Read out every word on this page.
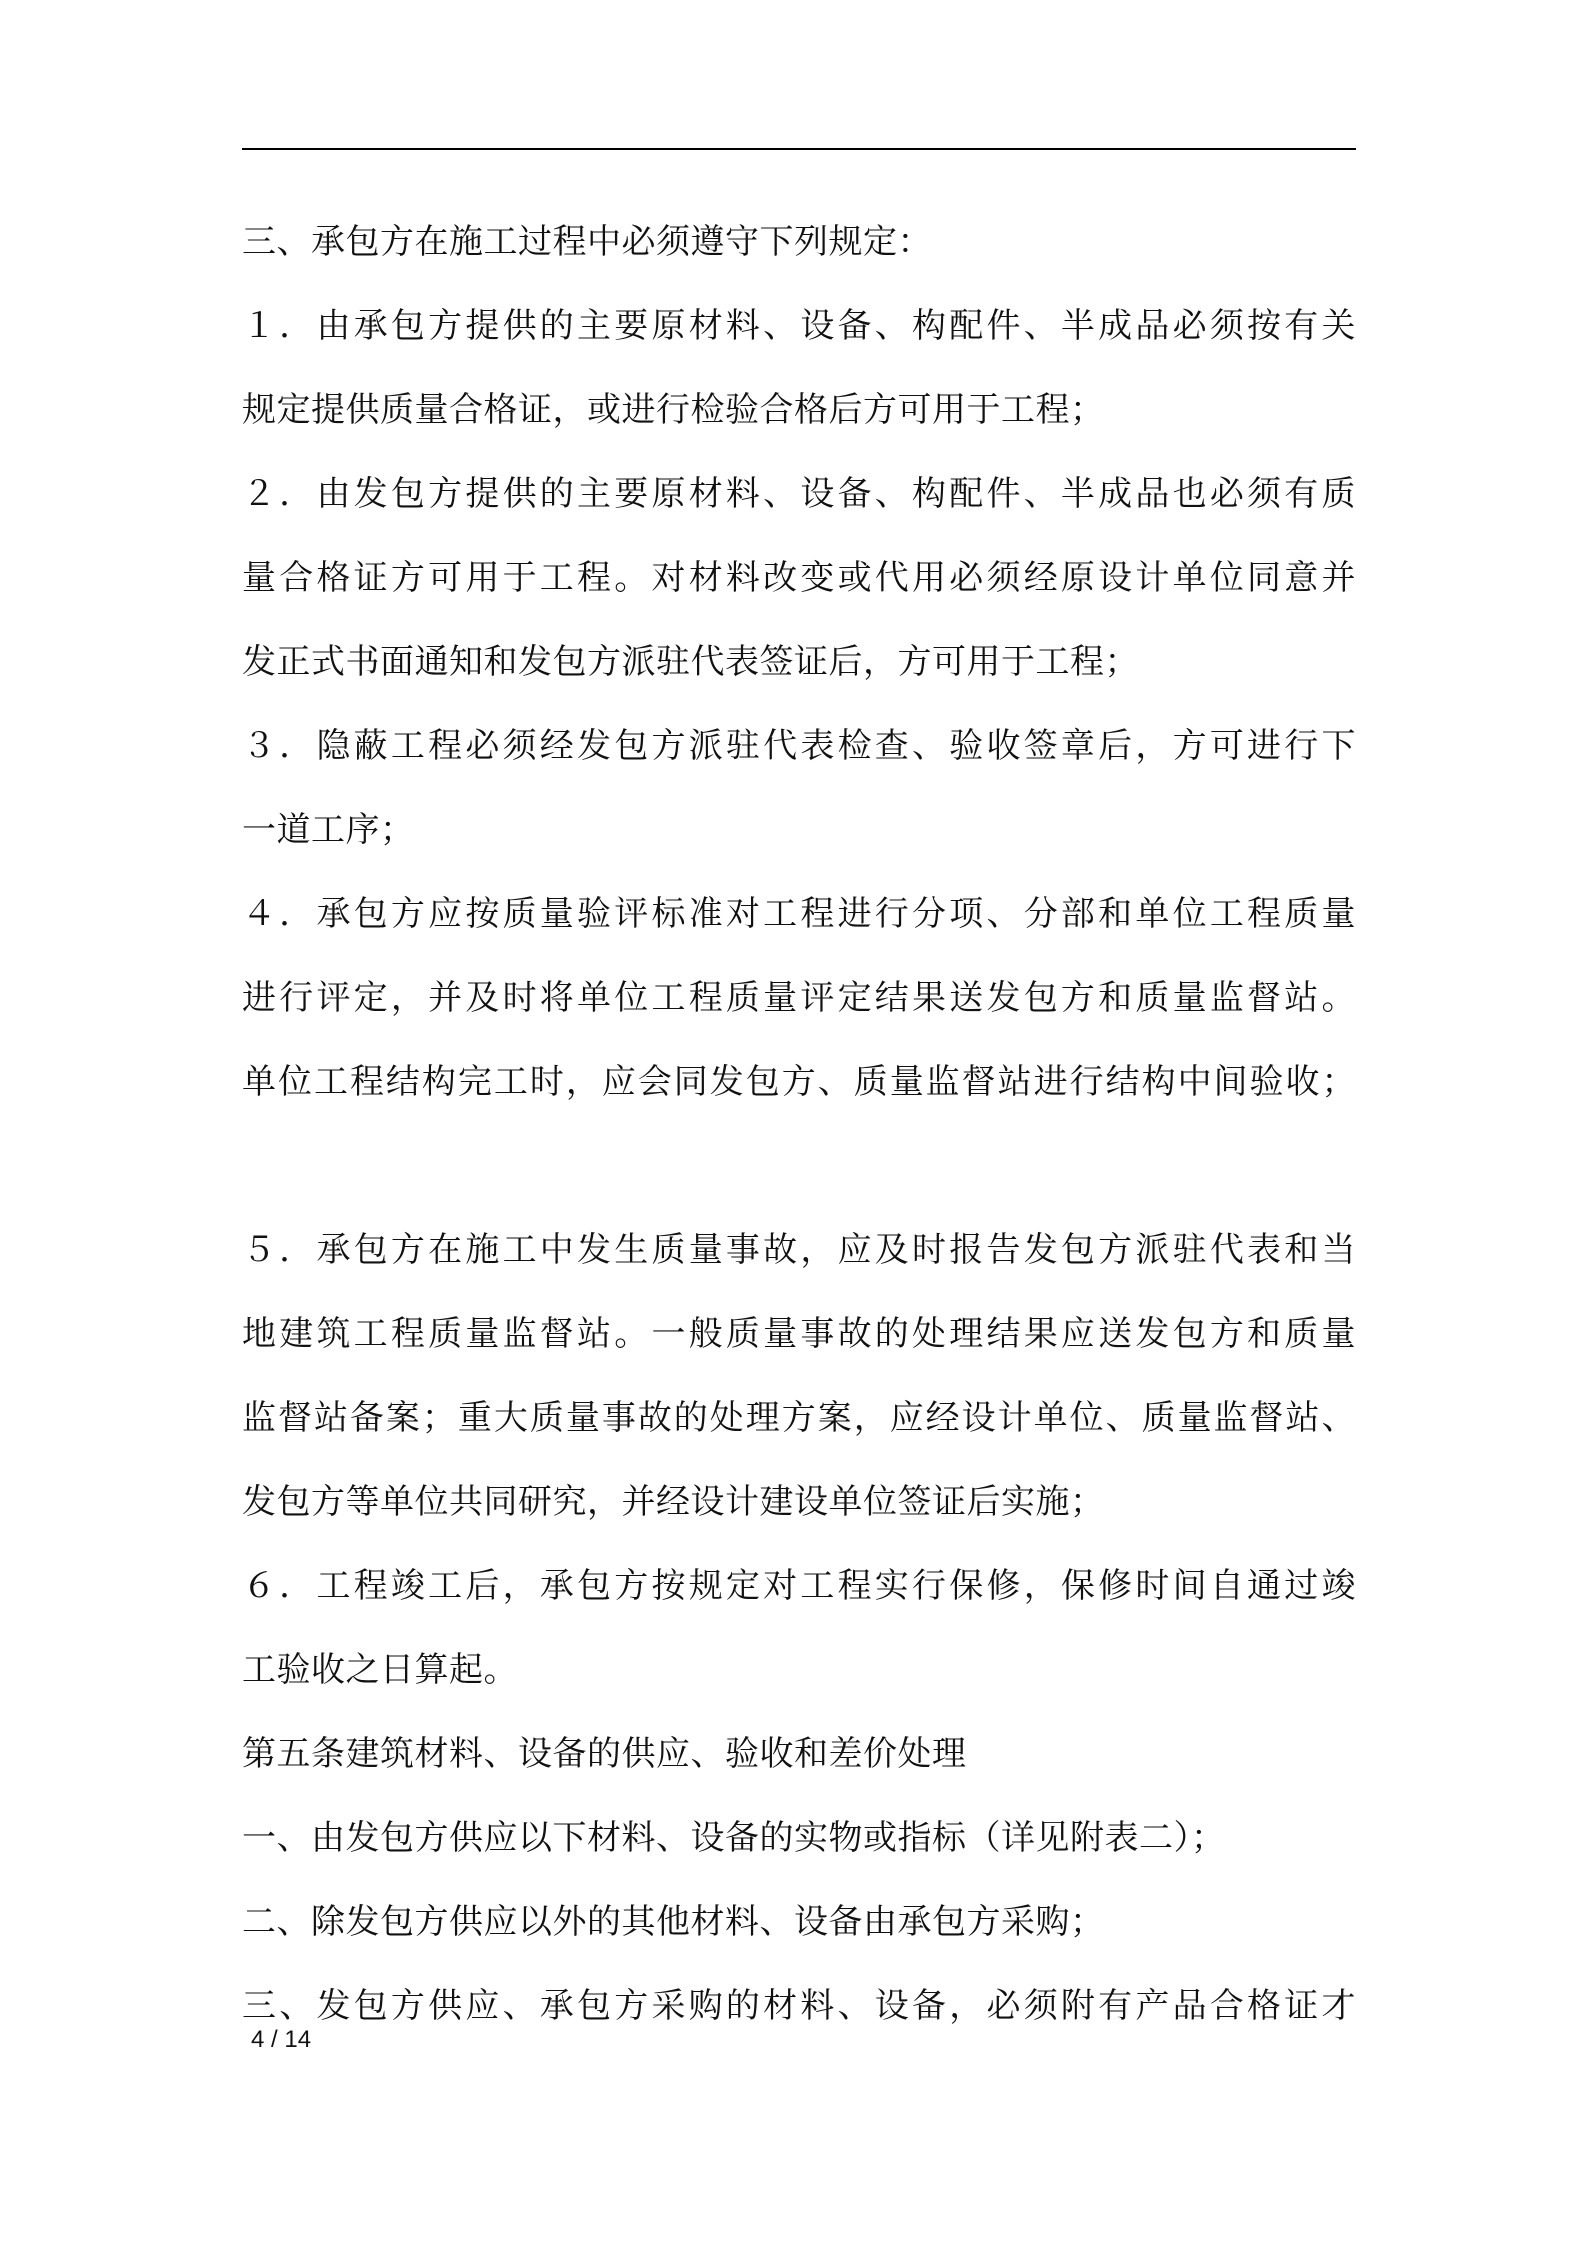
三、承包方在施工过程中必须遵守下列规定：
１．由承包方提供的主要原材料、设备、构配件、半成品必须按有关
规定提供质量合格证，或进行检验合格后方可用于工程；
２．由发包方提供的主要原材料、设备、构配件、半成品也必须有质
量合格证方可用于工程。对材料改变或代用必须经原设计单位同意并
发正式书面通知和发包方派驻代表签证后，方可用于工程；
３．隐蔽工程必须经发包方派驻代表检查、验收签章后，方可进行下
一道工序；
４．承包方应按质量验评标准对工程进行分项、分部和单位工程质量
进行评定，并及时将单位工程质量评定结果送发包方和质量监督站。
单位工程结构完工时，应会同发包方、质量监督站进行结构中间验收；
５．承包方在施工中发生质量事故，应及时报告发包方派驻代表和当
地建筑工程质量监督站。一般质量事故的处理结果应送发包方和质量
监督站备案；重大质量事故的处理方案，应经设计单位、质量监督站、
发包方等单位共同研究，并经设计建设单位签证后实施；
６．工程竣工后，承包方按规定对工程实行保修，保修时间自通过竣
工验收之日算起。
第五条建筑材料、设备的供应、验收和差价处理
一、由发包方供应以下材料、设备的实物或指标（详见附表二）；
二、除发包方供应以外的其他材料、设备由承包方采购；
三、发包方供应、承包方采购的材料、设备，必须附有产品合格证才
4 / 14
